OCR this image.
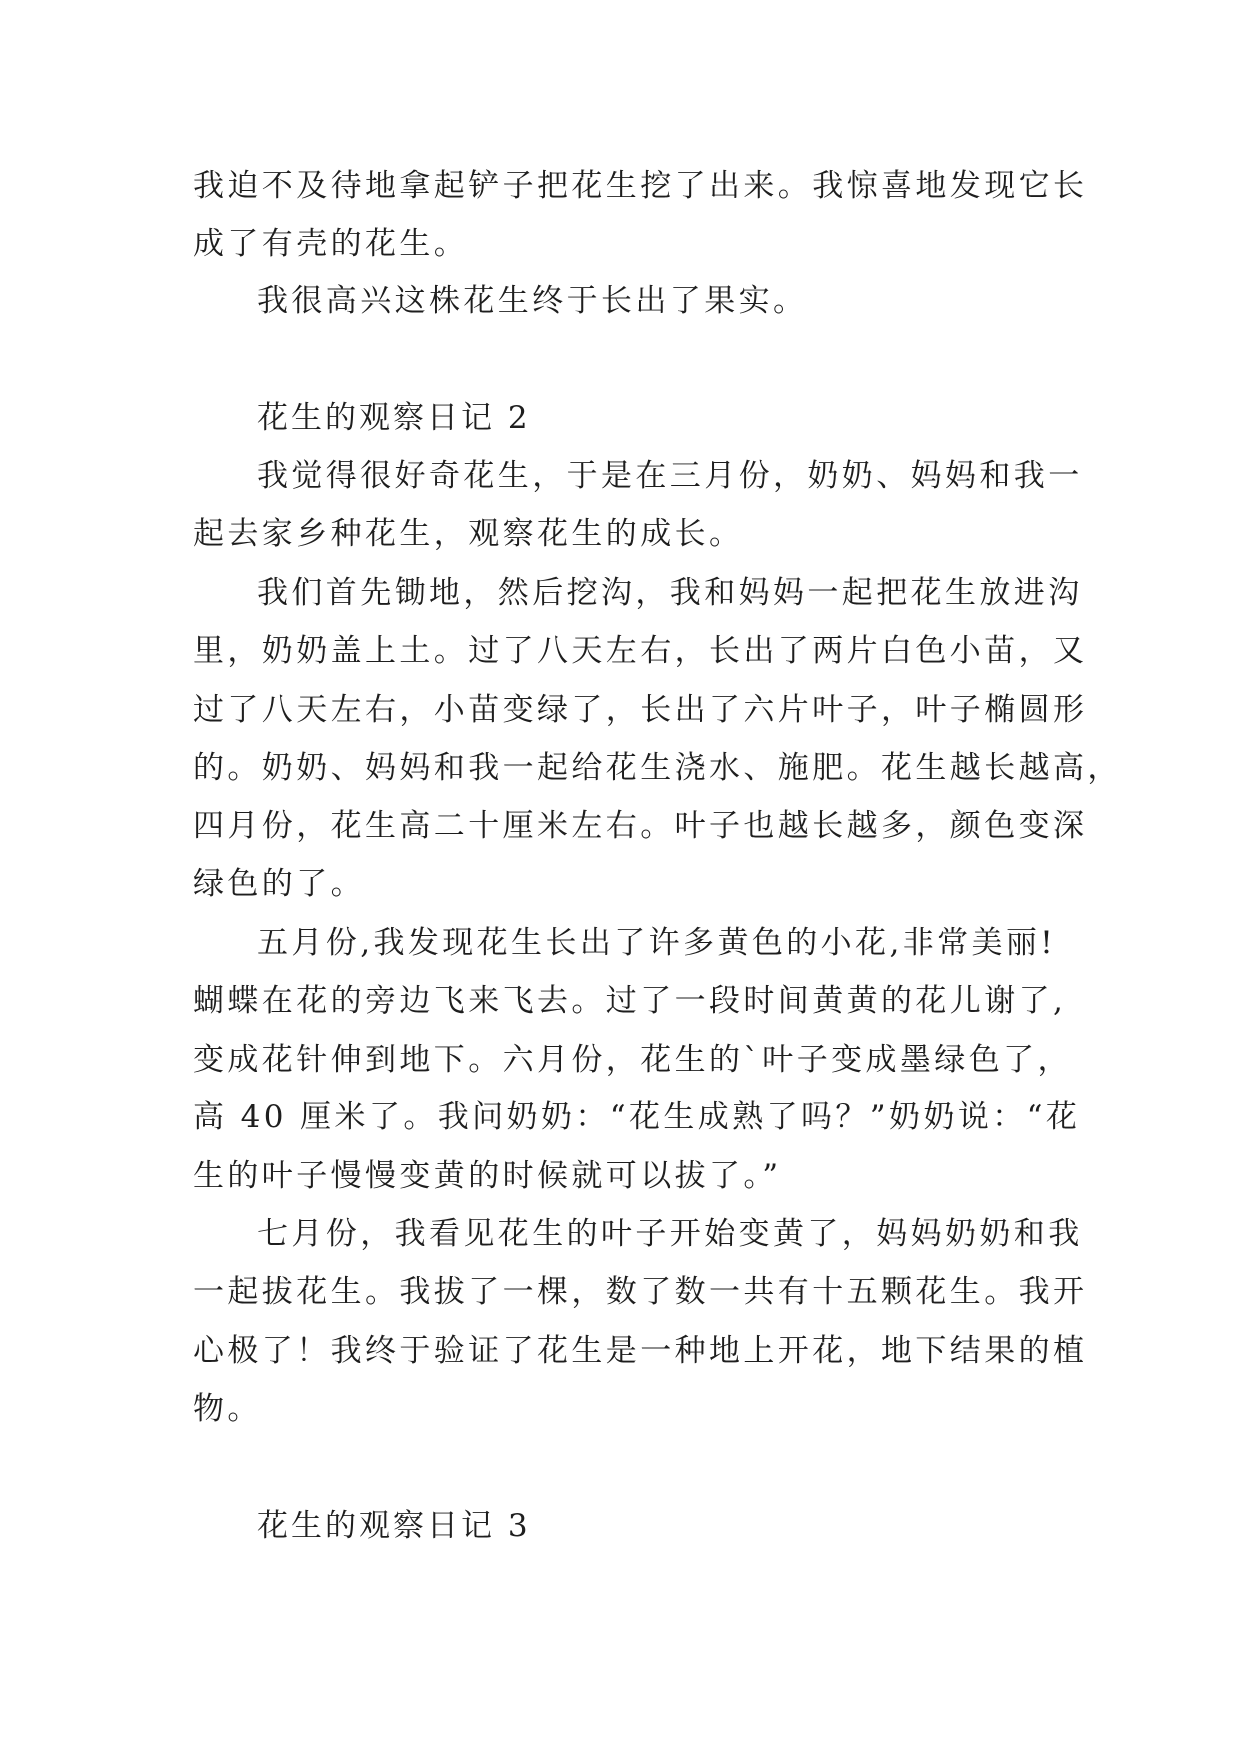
我迫不及待地拿起铲子把花生挖了出来。我惊喜地发现它长
成了有壳的花生。
我很高兴这株花生终于长出了果实。
花生的观察日记 2
我觉得很好奇花生，于是在三月份，奶奶、妈妈和我一
起去家乡种花生，观察花生的成长。
我们首先锄地，然后挖沟，我和妈妈一起把花生放进沟
里，奶奶盖上土。过了八天左右，长出了两片白色小苗，又
过了八天左右，小苗变绿了，长出了六片叶子，叶子椭圆形
的。奶奶、妈妈和我一起给花生浇水、施肥。花生越长越高，
四月份，花生高二十厘米左右。叶子也越长越多，颜色变深
绿色的了。
五月份,我发现花生长出了许多黄色的小花,非常美丽!
蝴蝶在花的旁边飞来飞去。过了一段时间黄黄的花儿谢了,
变成花针伸到地下。六月份，花生的`叶子变成墨绿色了，
高 40 厘米了。我问奶奶：“花生成熟了吗？”奶奶说：“花
生的叶子慢慢变黄的时候就可以拔了。”
七月份，我看见花生的叶子开始变黄了，妈妈奶奶和我
一起拔花生。我拔了一棵，数了数一共有十五颗花生。我开
心极了！我终于验证了花生是一种地上开花，地下结果的植
物。
花生的观察日记 3
